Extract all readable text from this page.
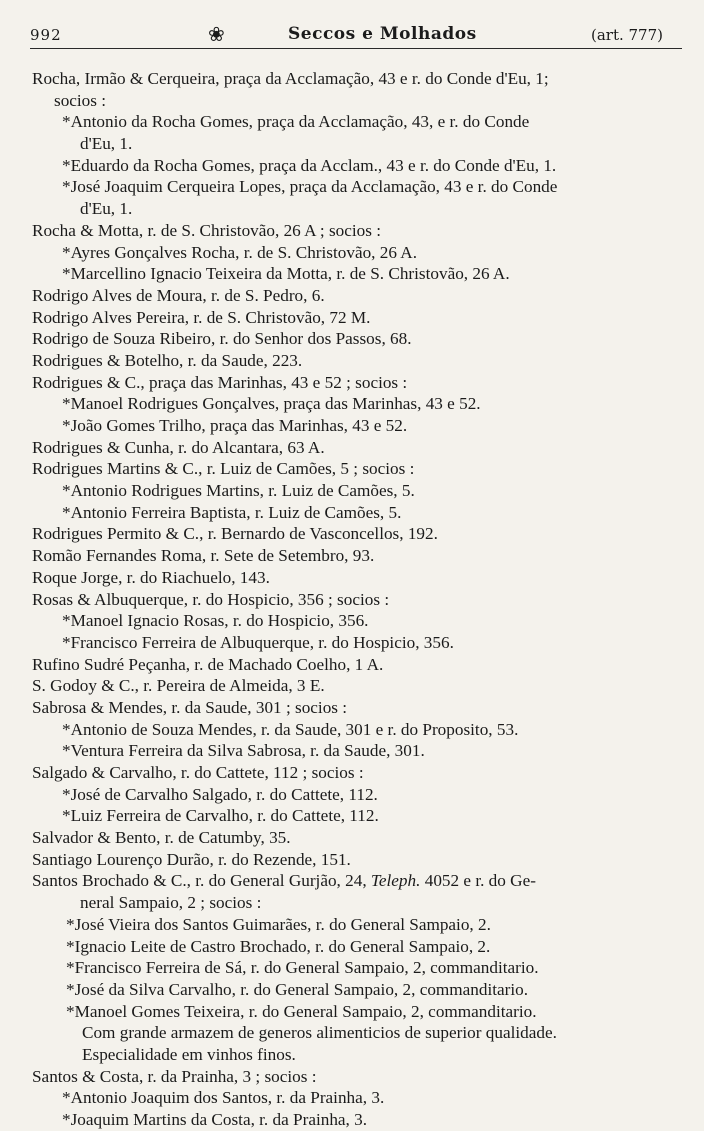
992	❀	Seccos e Molhados	(art. 777)
Rocha, Irmão & Cerqueira, praça da Acclamação, 43 e r. do Conde d'Eu, 1;
socios :
*Antonio da Rocha Gomes, praça da Acclamação, 43, e r. do Conde
d'Eu, 1.
*Eduardo da Rocha Gomes, praça da Acclam., 43 e r. do Conde d'Eu, 1.
*José Joaquim Cerqueira Lopes, praça da Acclamação, 43 e r. do Conde
d'Eu, 1.
Rocha & Motta, r. de S. Christovão, 26 A ; socios :
*Ayres Gonçalves Rocha, r. de S. Christovão, 26 A.
*Marcellino Ignacio Teixeira da Motta, r. de S. Christovão, 26 A.
Rodrigo Alves de Moura, r. de S. Pedro, 6.
Rodrigo Alves Pereira, r. de S. Christovão, 72 M.
Rodrigo de Souza Ribeiro, r. do Senhor dos Passos, 68.
Rodrigues & Botelho, r. da Saude, 223.
Rodrigues & C., praça das Marinhas, 43 e 52 ; socios :
*Manoel Rodrigues Gonçalves, praça das Marinhas, 43 e 52.
*João Gomes Trilho, praça das Marinhas, 43 e 52.
Rodrigues & Cunha, r. do Alcantara, 63 A.
Rodrigues Martins & C., r. Luiz de Camões, 5 ; socios :
*Antonio Rodrigues Martins, r. Luiz de Camões, 5.
*Antonio Ferreira Baptista, r. Luiz de Camões, 5.
Rodrigues Permito & C., r. Bernardo de Vasconcellos, 192.
Romão Fernandes Roma, r. Sete de Setembro, 93.
Roque Jorge, r. do Riachuelo, 143.
Rosas & Albuquerque, r. do Hospicio, 356 ; socios :
*Manoel Ignacio Rosas, r. do Hospicio, 356.
*Francisco Ferreira de Albuquerque, r. do Hospicio, 356.
Rufino Sudré Peçanha, r. de Machado Coelho, 1 A.
S. Godoy & C., r. Pereira de Almeida, 3 E.
Sabrosa & Mendes, r. da Saude, 301 ; socios :
*Antonio de Souza Mendes, r. da Saude, 301 e r. do Proposito, 53.
*Ventura Ferreira da Silva Sabrosa, r. da Saude, 301.
Salgado & Carvalho, r. do Cattete, 112 ; socios :
*José de Carvalho Salgado, r. do Cattete, 112.
*Luiz Ferreira de Carvalho, r. do Cattete, 112.
Salvador & Bento, r. de Catumby, 35.
Santiago Lourenço Durão, r. do Rezende, 151.
Santos Brochado & C., r. do General Gurjão, 24, Teleph. 4052 e r. do Ge-
neral Sampaio, 2 ; socios :
*José Vieira dos Santos Guimarães, r. do General Sampaio, 2.
*Ignacio Leite de Castro Brochado, r. do General Sampaio, 2.
*Francisco Ferreira de Sá, r. do General Sampaio, 2, commanditario.
*José da Silva Carvalho, r. do General Sampaio, 2, commanditario.
*Manoel Gomes Teixeira, r. do General Sampaio, 2, commanditario.
Com grande armazem de generos alimenticios de superior qualidade.
Especialidade em vinhos finos.
Santos & Costa, r. da Prainha, 3 ; socios :
*Antonio Joaquim dos Santos, r. da Prainha, 3.
*Joaquim Martins da Costa, r. da Prainha, 3.
